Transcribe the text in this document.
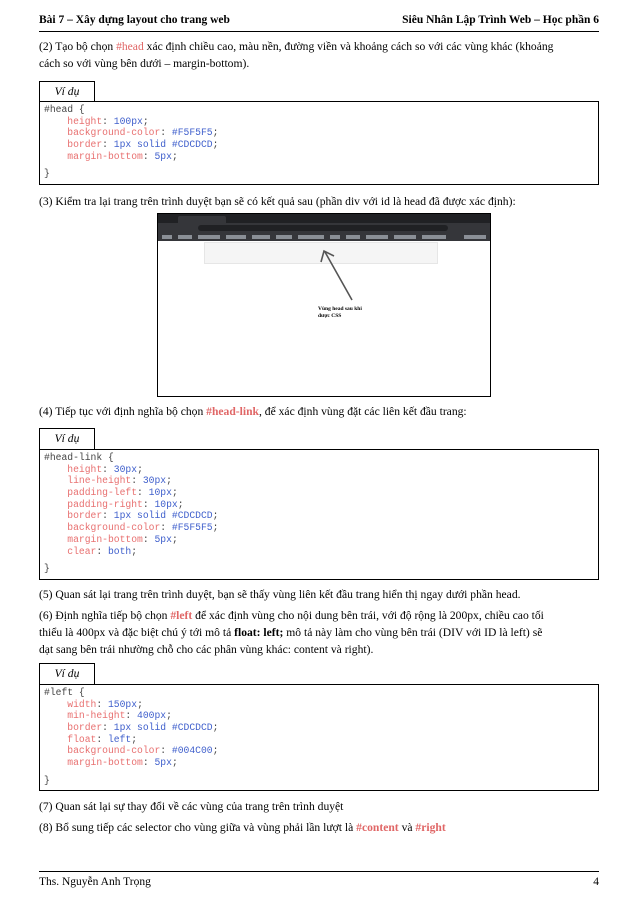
Bài 7 – Xây dựng layout cho trang web	Siêu Nhân Lập Trình Web – Học phần 6
(2) Tạo bộ chọn #head xác định chiều cao, màu nền, đường viền và khoảng cách so với các vùng khác (khoảng
cách so với vùng bên dưới – margin-bottom).
Ví dụ
#head {
height: 100px;
background-color: #F5F5F5;
border: 1px solid #CDCDCD;
margin-bottom: 5px;
}
(3) Kiểm tra lại trang trên trình duyệt bạn sẽ có kết quả sau (phần div với id là head đã được xác định):
Vùng head sau khi
được CSS
(4) Tiếp tục với định nghĩa bộ chọn #head-link, để xác định vùng đặt các liên kết đầu trang:
Ví dụ
#head-link {
height: 30px;
line-height: 30px;
padding-left: 10px;
padding-right: 10px;
border: 1px solid #CDCDCD;
background-color: #F5F5F5;
margin-bottom: 5px;
clear: both;
}
(5) Quan sát lại trang trên trình duyệt, bạn sẽ thấy vùng liên kết đầu trang hiển thị ngay dưới phần head.
(6) Định nghĩa tiếp bộ chọn #left để xác định vùng cho nội dung bên trái, với độ rộng là 200px, chiều cao tối
thiểu là 400px và đặc biệt chú ý tới mô tả float: left; mô tả này làm cho vùng bên trái (DIV với ID là left) sẽ
dạt sang bên trái nhường chỗ cho các phân vùng khác: content và right).
Ví dụ
#left {
width: 150px;
min-height: 400px;
border: 1px solid #CDCDCD;
float: left;
background-color: #004C00;
margin-bottom: 5px;
}
(7) Quan sát lại sự thay đổi về các vùng của trang trên trình duyệt
(8) Bổ sung tiếp các selector cho vùng giữa và vùng phải lần lượt là #content và #right
Ths. Nguyễn Anh Trọng	4
